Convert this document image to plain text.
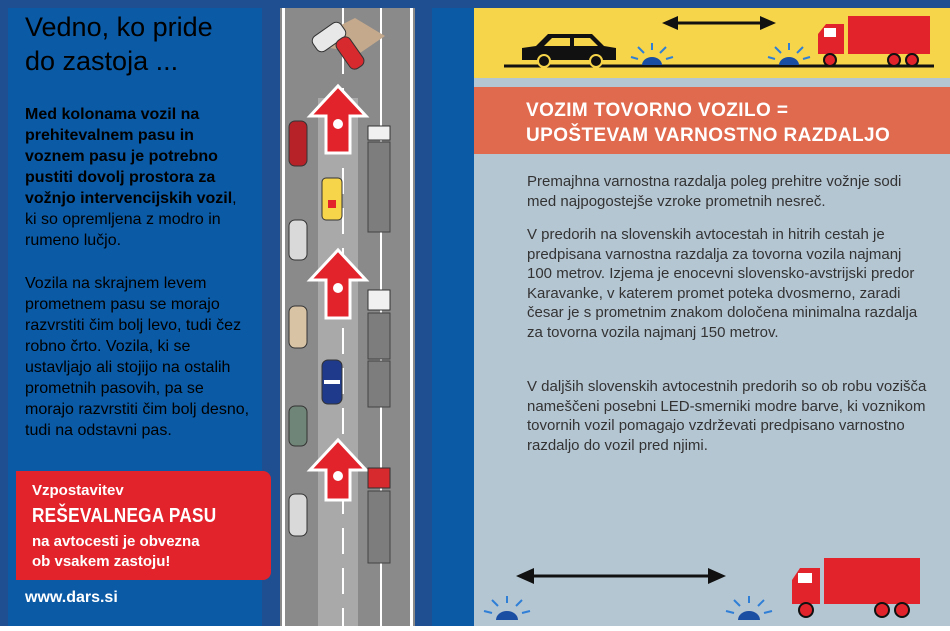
Vedno, ko pride
do zastoja ...
Med kolonama vozil na prehitevalnem pasu in voznem pasu je potrebno pustiti dovolj prostora za vožnjo intervencijskih vozil, ki so opremljena z modro in rumeno lučjo.
Vozila na skrajnem levem prometnem pasu se morajo razvrstiti čim bolj levo, tudi čez robno črto. Vozila, ki se ustavljajo ali stojijo na ostalih prometnih pasovih, pa se morajo razvrstiti čim bolj desno, tudi na odstavni pas.
Vzpostavitev
REŠEVALNEGA PASU
na avtocesti je obvezna
ob vsakem zastoju!
www.dars.si
VOZIM TOVORNO VOZILO =
UPOŠTEVAM VARNOSTNO RAZDALJO
Premajhna varnostna razdalja poleg prehitre vožnje sodi med najpogostejše vzroke prometnih nesreč.
V predorih na slovenskih avtocestah in hitrih cestah je predpisana varnostna razdalja za tovorna vozila najmanj 100 metrov. Izjema je enocevni slovensko-avstrijski predor Karavanke, v katerem promet poteka dvosmerno, zaradi česar je s prometnim znakom določena minimalna razdalja za tovorna vozila najmanj 150 metrov.
V daljših slovenskih avtocestnih predorih so ob robu vozišča nameščeni posebni LED-smerniki modre barve, ki voznikom tovornih vozil pomagajo vzdrževati predpisano varnostno razdaljo do vozil pred njimi.
